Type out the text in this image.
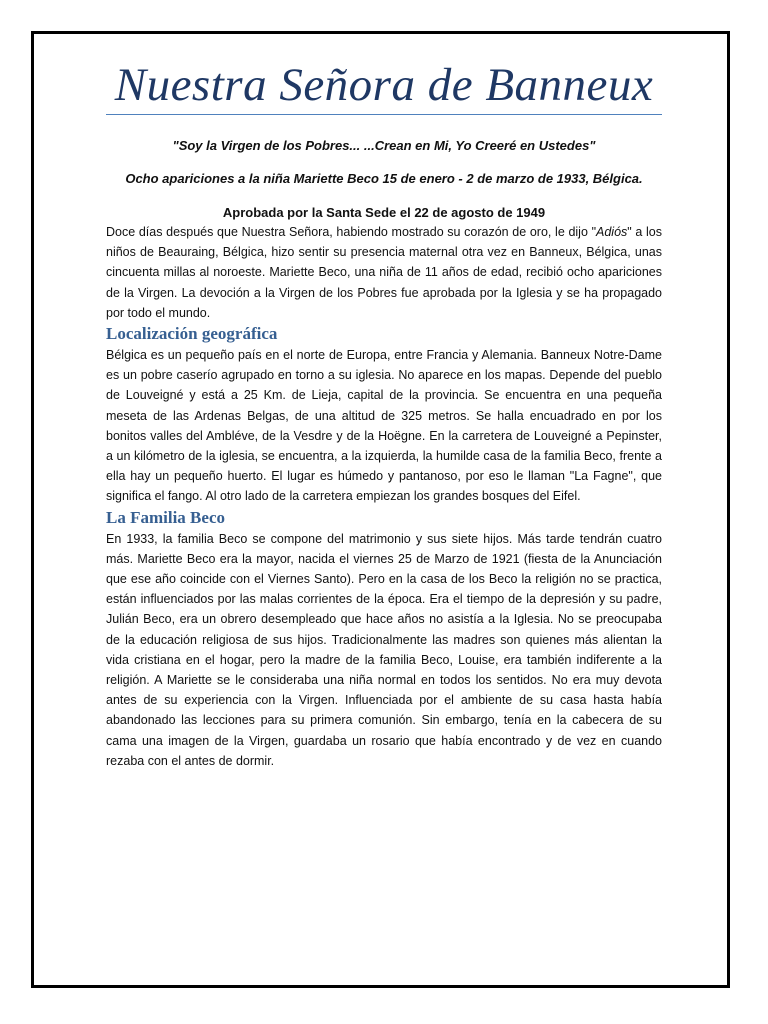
Nuestra Señora de Banneux

"Soy la Virgen de los Pobres... ...Crean en Mi, Yo Creeré en Ustedes"

Ocho apariciones a la niña Mariette Beco 15 de enero - 2 de marzo de 1933, Bélgica.

Aprobada por la Santa Sede el 22 de agosto de 1949

Doce días después que Nuestra Señora, habiendo mostrado su corazón de oro, le dijo "Adiós" a los niños de Beauraing, Bélgica, hizo sentir su presencia maternal otra vez en Banneux, Bélgica, unas cincuenta millas al noroeste. Mariette Beco, una niña de 11 años de edad, recibió ocho apariciones de la Virgen. La devoción a la Virgen de los Pobres fue aprobada por la Iglesia y se ha propagado por todo el mundo.

Localización geográfica

Bélgica es un pequeño país en el norte de Europa, entre Francia y Alemania. Banneux Notre-Dame es un pobre caserío agrupado en torno a su iglesia. No aparece en los mapas. Depende del pueblo de Louveigné y está a 25 Km. de Lieja, capital de la provincia. Se encuentra en una pequeña meseta de las Ardenas Belgas, de una altitud de 325 metros. Se halla encuadrado en por los bonitos valles del Ambléve, de la Vesdre y de la Hoëgne. En la carretera de Louveigné a Pepinster, a un kilómetro de la iglesia, se encuentra, a la izquierda, la humilde casa de la familia Beco, frente a ella hay un pequeño huerto. El lugar es húmedo y pantanoso, por eso le llaman "La Fagne", que significa el fango. Al otro lado de la carretera empiezan los grandes bosques del Eifel.

La Familia Beco

En 1933, la familia Beco se compone del matrimonio y sus siete hijos. Más tarde tendrán cuatro más. Mariette Beco era la mayor, nacida el viernes 25 de Marzo de 1921 (fiesta de la Anunciación que ese año coincide con el Viernes Santo). Pero en la casa de los Beco la religión no se practica, están influenciados por las malas corrientes de la época. Era el tiempo de la depresión y su padre, Julián Beco, era un obrero desempleado que hace años no asistía a la Iglesia. No se preocupaba de la educación religiosa de sus hijos. Tradicionalmente las madres son quienes más alientan la vida cristiana en el hogar, pero la madre de la familia Beco, Louise, era también indiferente a la religión. A Mariette se le consideraba una niña normal en todos los sentidos. No era muy devota antes de su experiencia con la Virgen. Influenciada por el ambiente de su casa hasta había abandonado las lecciones para su primera comunión. Sin embargo, tenía en la cabecera de su cama una imagen de la Virgen, guardaba un rosario que había encontrado y de vez en cuando rezaba con el antes de dormir.
